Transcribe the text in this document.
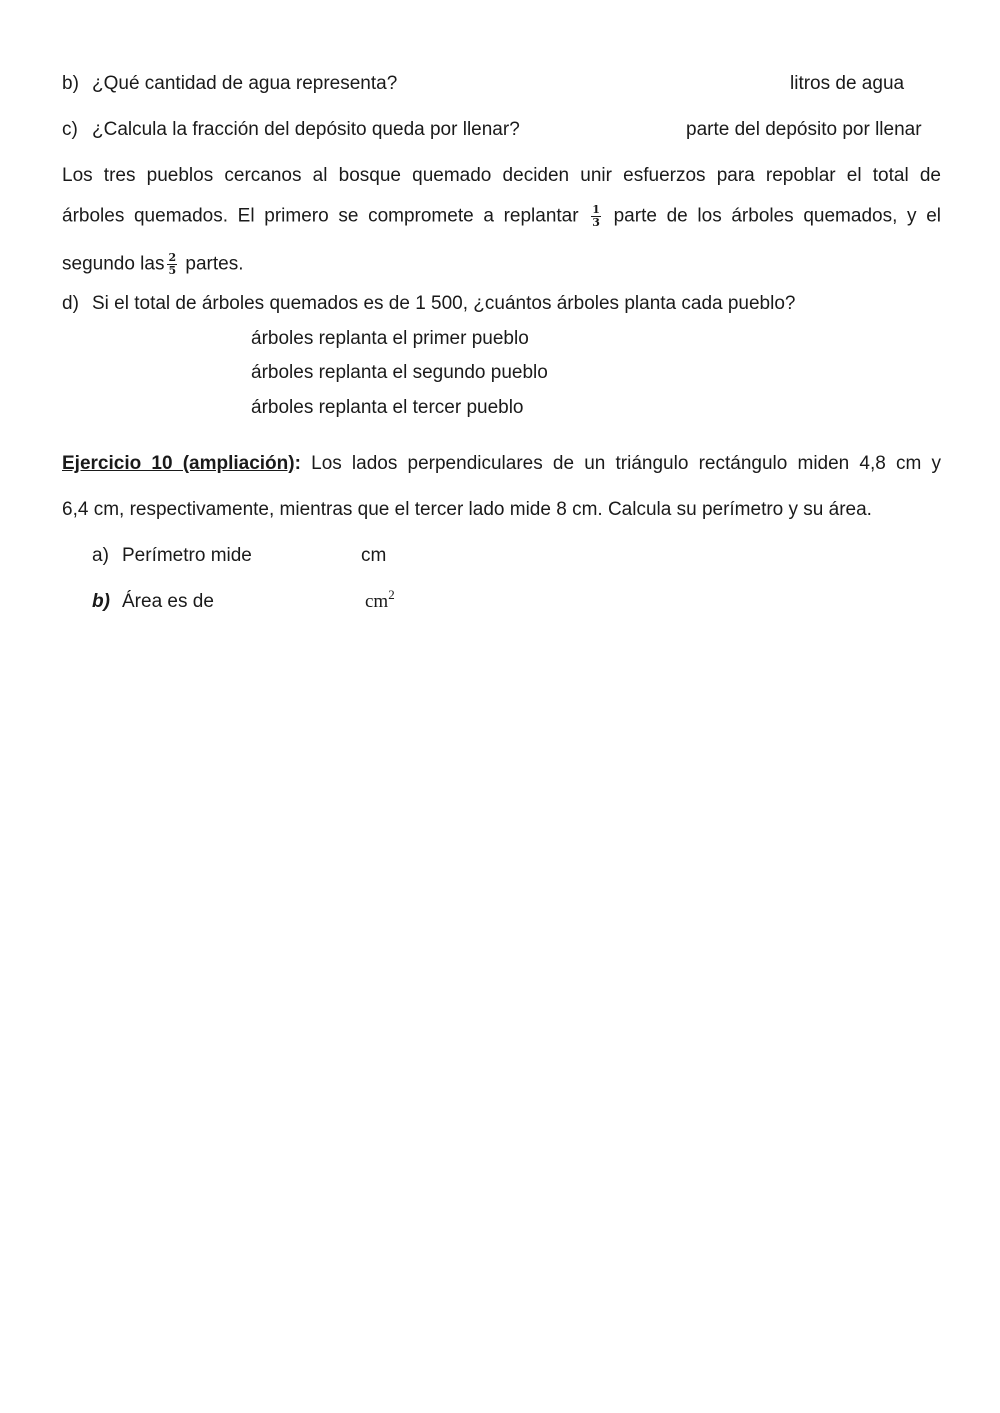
b) ¿Qué cantidad de agua representa?	litros de agua
c) ¿Calcula la fracción del depósito queda por llenar?	parte del depósito por llenar
Los tres pueblos cercanos al bosque quemado deciden unir esfuerzos para repoblar el total de
árboles quemados. El primero se compromete a replantar $\frac{1}{3}$ parte de los árboles quemados, y el
segundo las $\frac{2}{5}$ partes.
d) Si el total de árboles quemados es de 1 500, ¿cuántos árboles planta cada pueblo?
árboles replanta el primer pueblo
árboles replanta el segundo pueblo
árboles replanta el tercer pueblo
Ejercicio 10 (ampliación): Los lados perpendiculares de un triángulo rectángulo miden 4,8 cm y
6,4 cm, respectivamente, mientras que el tercer lado mide 8 cm. Calcula su perímetro y su área.
a) Perímetro mide	cm
b) Área es de	$cm^2$
